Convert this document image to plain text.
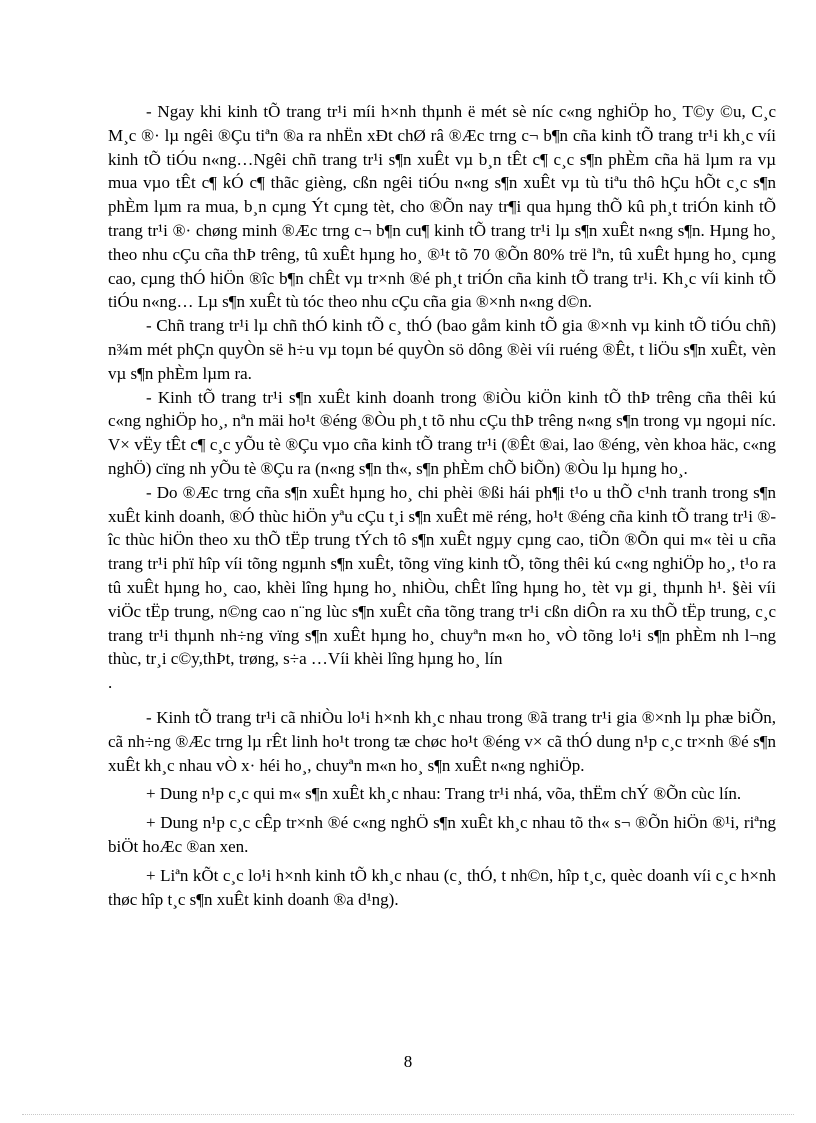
- Ngay khi kinh tÕ trang tr¹i míi h×nh thµnh ë mét sè níc c«ng nghiÖp ho¸ T©y ©u, C¸c M¸c ®· lµ ngêi ®Çu tiªn ®a ra nhËn xÐt chØ râ ®Æc trng c¬ b¶n cña kinh tÕ trang tr¹i kh¸c víi kinh tÕ tiÓu n«ng…Ngêi chñ trang tr¹i s¶n xuÊt vµ b¸n tÊt c¶ c¸c s¶n phÈm cña hä lµm ra vµ mua vµo tÊt c¶ kÓ c¶ thãc gièng, cßn ngêi tiÓu n«ng s¶n xuÊt vµ tù tiªu thô hÇu hÕt c¸c s¶n phÈm lµm ra mua, b¸n cµng Ýt cµng tèt, cho ®Õn nay tr¶i qua hµng thÕ kû ph¸t triÓn kinh tÕ trang tr¹i ®· chøng minh ®Æc trng c¬ b¶n cu¶ kinh tÕ trang tr¹i lµ s¶n xuÊt n«ng s¶n. Hµng ho¸ theo nhu cÇu cña thÞ trêng, tû xuÊt hµng ho¸ ®¹t tõ 70 ®Õn 80% trë lªn, tû xuÊt hµng ho¸ cµng cao, cµng thÓ hiÖn ®îc b¶n chÊt vµ tr×nh ®é ph¸t triÓn cña kinh tÕ trang tr¹i. Kh¸c víi kinh tÕ tiÓu n«ng… Lµ s¶n xuÊt tù tóc theo nhu cÇu cña gia ®×nh n«ng d©n.

- Chñ trang tr¹i lµ chñ thÓ kinh tÕ c¸ thÓ (bao gåm kinh tÕ gia ®×nh vµ kinh tÕ tiÓu chñ) n¾m mét phÇn quyÒn së h÷u vµ toµn bé quyÒn sö dông ®èi víi ruéng ®Êt, t liÖu s¶n xuÊt, vèn vµ s¶n phÈm lµm ra.

- Kinh tÕ trang tr¹i s¶n xuÊt kinh doanh trong ®iÒu kiÖn kinh tÕ thÞ trêng cña thêi kú c«ng nghiÖp ho¸, nªn mäi ho¹t ®éng ®Òu ph¸t tõ nhu cÇu thÞ trêng n«ng s¶n trong vµ ngoµi níc. V× vËy tÊt c¶ c¸c yÕu tè ®Çu vµo cña kinh tÕ trang tr¹i (®Êt ®ai, lao ®éng, vèn khoa häc, c«ng nghÖ) cïng nh yÕu tè ®Çu ra (n«ng s¶n th«, s¶n phÈm chÕ biÕn) ®Òu lµ hµng ho¸.

- Do ®Æc trng cña s¶n xuÊt hµng ho¸ chi phèi ®ßi hái ph¶i t¹o u thÕ c¹nh tranh trong s¶n xuÊt kinh doanh, ®Ó thùc hiÖn yªu cÇu t¸i s¶n xuÊt më réng, ho¹t ®éng cña kinh tÕ trang tr¹i ®îc thùc hiÖn theo xu thÕ tËp trung tÝch tô s¶n xuÊt ngµy cµng cao, tiÕn ®Õn qui m« tèi u cña trang tr¹i phï hîp víi tõng ngµnh s¶n xuÊt, tõng vïng kinh tÕ, tõng thêi kú c«ng nghiÖp ho¸, t¹o ra tû xuÊt hµng ho¸ cao, khèi lîng hµng ho¸ nhiÒu, chÊt lîng hµng ho¸ tèt vµ gi¸ thµnh h¹. §èi víi viÖc tËp trung, n©ng cao n¨ng lùc s¶n xuÊt cña tõng trang tr¹i cßn diÔn ra xu thÕ tËp trung, c¸c trang tr¹i thµnh nh÷ng vïng s¶n xuÊt hµng ho¸ chuyªn m«n ho¸ vÒ tõng lo¹i s¶n phÈm nh l¬ng thùc, tr¸i c©y,thÞt, trøng, s÷a …Víi khèi lîng hµng ho¸ lín

.

- Kinh tÕ trang tr¹i cã nhiÒu lo¹i h×nh kh¸c nhau trong ®ã trang tr¹i gia ®×nh lµ phæ biÕn, cã nh÷ng ®Æc trng lµ rÊt linh ho¹t trong tæ chøc ho¹t ®éng v× cã thÓ dung n¹p c¸c tr×nh ®é s¶n xuÊt kh¸c nhau vÒ x· héi ho¸, chuyªn m«n ho¸ s¶n xuÊt n«ng nghiÖp.

+ Dung n¹p c¸c qui m« s¶n xuÊt kh¸c nhau: Trang tr¹i nhá, võa, thËm chÝ ®Õn cùc lín.

+ Dung n¹p c¸c cÊp tr×nh ®é c«ng nghÖ s¶n xuÊt kh¸c nhau tõ th« s¬ ®Õn hiÖn ®¹i, riªng biÖt hoÆc ®an xen.

+ Liªn kÕt c¸c lo¹i h×nh kinh tÕ kh¸c nhau (c¸ thÓ, t nh©n, hîp t¸c, quèc doanh víi c¸c h×nh thøc hîp t¸c s¶n xuÊt kinh doanh ®a d¹ng).

8
